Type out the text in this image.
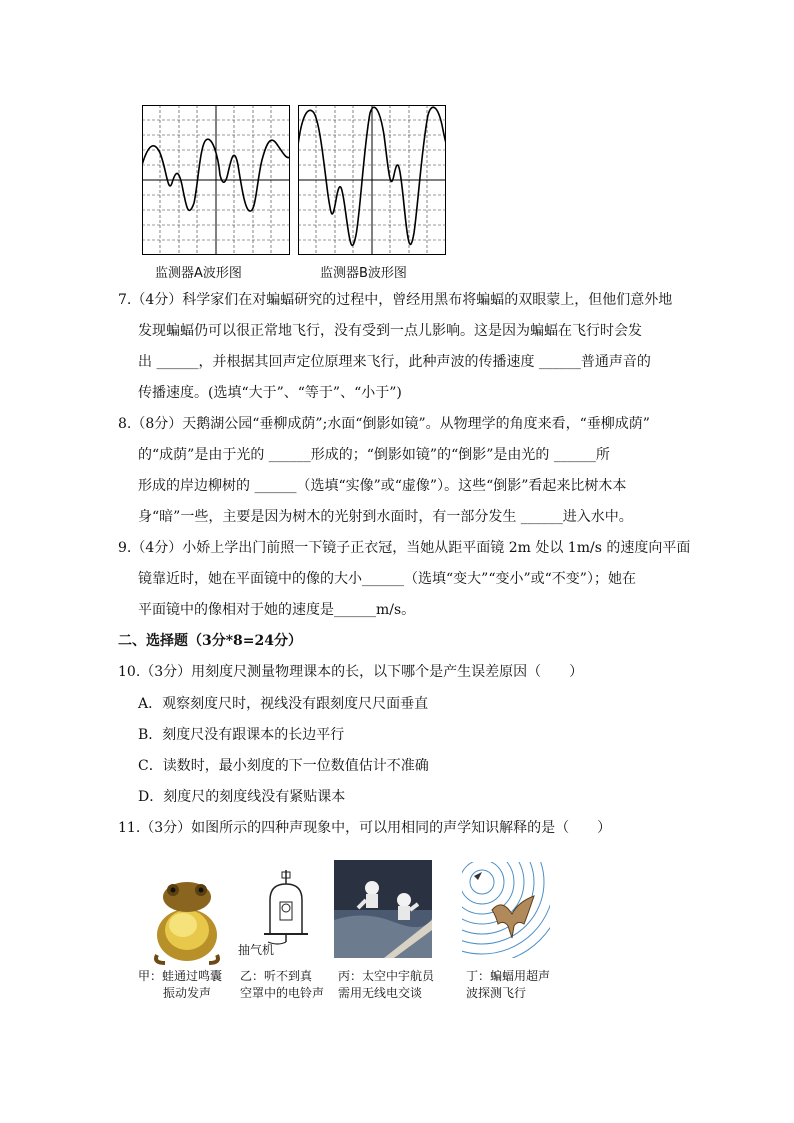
监测器A波形图	监测器B波形图
7.（4分）科学家们在对蝙蝠研究的过程中，曾经用黑布将蝙蝠的双眼蒙上，但他们意外地
发现蝙蝠仍可以很正常地飞行，没有受到一点儿影响。这是因为蝙蝠在飞行时会发
出 ______，并根据其回声定位原理来飞行，此种声波的传播速度 ______普通声音的
传播速度。(选填“大于”、“等于”、“小于”)
8.（8分）天鹅湖公园“垂柳成荫”;水面“倒影如镜”。从物理学的角度来看，“垂柳成荫”
的“成荫”是由于光的 ______形成的；“倒影如镜”的“倒影”是由光的 ______所
形成的岸边柳树的 ______（选填“实像”或“虚像”）。这些“倒影”看起来比树木本
身“暗”一些，主要是因为树木的光射到水面时，有一部分发生 ______进入水中。
9.（4分）小娇上学出门前照一下镜子正衣冠，当她从距平面镜 2m 处以 1m/s 的速度向平面
镜靠近时，她在平面镜中的像的大小______（选填“变大”“变小”或“不变”）；她在
平面镜中的像相对于她的速度是______m/s。
二、选择题（3分*8=24分）
10.（3分）用刻度尺测量物理课本的长，以下哪个是产生误差原因（　　）
A．观察刻度尺时，视线没有跟刻度尺尺面垂直
B．刻度尺没有跟课本的长边平行
C．读数时，最小刻度的下一位数值估计不准确
D．刻度尺的刻度线没有紧贴课本
11.（3分）如图所示的四种声现象中，可以用相同的声学知识解释的是（　　）
抽气机
甲：蛙通过鸣囊
振动发声
乙：听不到真
空罩中的电铃声
丙：太空中宇航员
需用无线电交谈
丁：蝙蝠用超声
波探测飞行
